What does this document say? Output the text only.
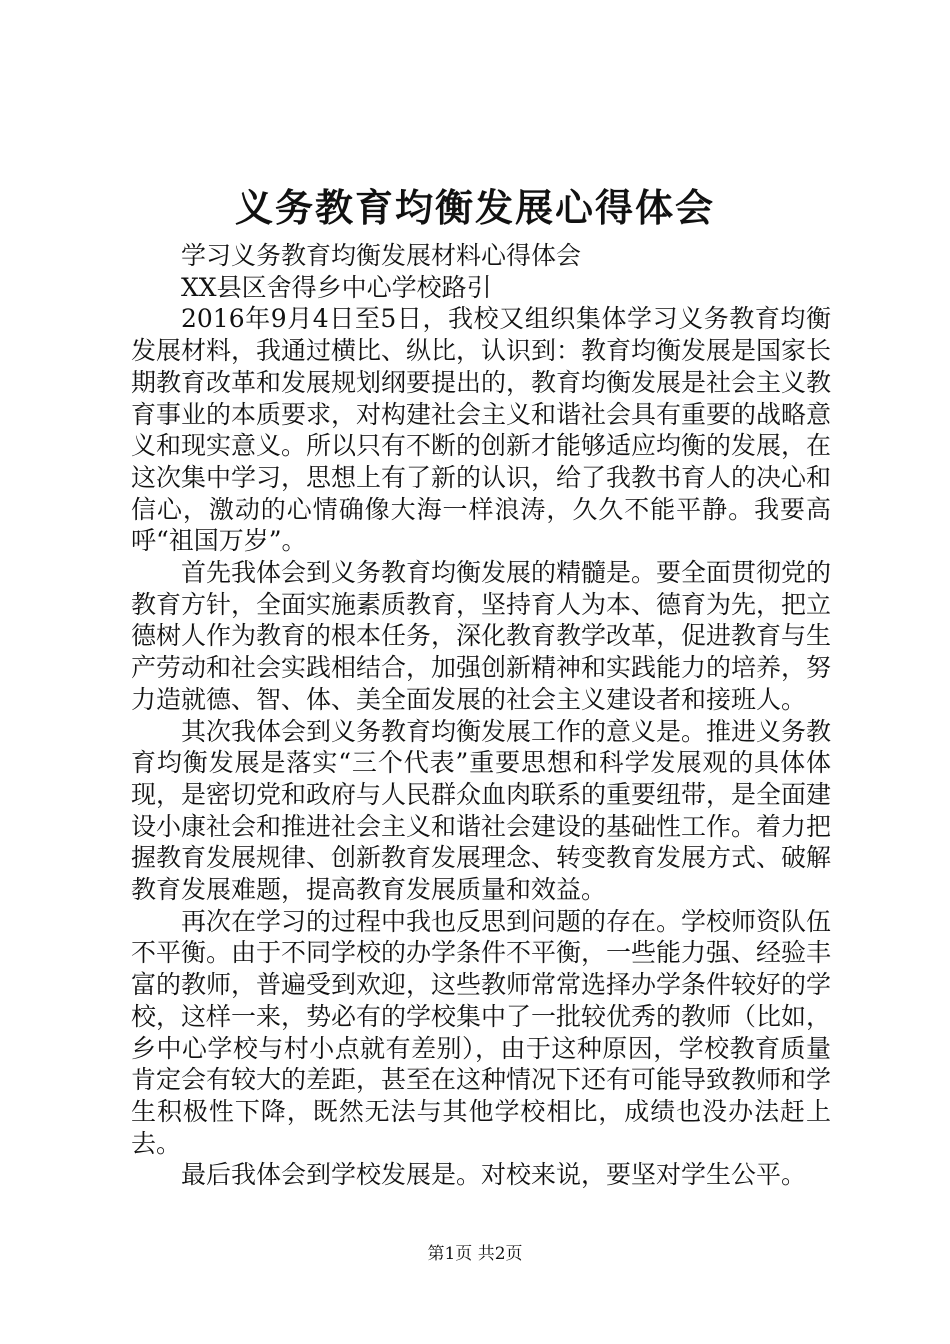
义务教育均衡发展心得体会

学习义务教育均衡发展材料心得体会

XX县区舍得乡中心学校路引

2016年9月4日至5日，我校又组织集体学习义务教育均衡发展材料，我通过横比、纵比，认识到：教育均衡发展是国家长期教育改革和发展规划纲要提出的，教育均衡发展是社会主义教育事业的本质要求，对构建社会主义和谐社会具有重要的战略意义和现实意义。所以只有不断的创新才能够适应均衡的发展，在这次集中学习，思想上有了新的认识，给了我教书育人的决心和信心，激动的心情确像大海一样浪涛，久久不能平静。我要高呼“祖国万岁”。

首先我体会到义务教育均衡发展的精髓是。要全面贯彻党的教育方针，全面实施素质教育，坚持育人为本、德育为先，把立德树人作为教育的根本任务，深化教育教学改革，促进教育与生产劳动和社会实践相结合，加强创新精神和实践能力的培养，努力造就德、智、体、美全面发展的社会主义建设者和接班人。

其次我体会到义务教育均衡发展工作的意义是。推进义务教育均衡发展是落实“三个代表”重要思想和科学发展观的具体体现，是密切党和政府与人民群众血肉联系的重要纽带，是全面建设小康社会和推进社会主义和谐社会建设的基础性工作。着力把握教育发展规律、创新教育发展理念、转变教育发展方式、破解教育发展难题，提高教育发展质量和效益。

再次在学习的过程中我也反思到问题的存在。学校师资队伍不平衡。由于不同学校的办学条件不平衡，一些能力强、经验丰富的教师，普遍受到欢迎，这些教师常常选择办学条件较好的学校，这样一来，势必有的学校集中了一批较优秀的教师（比如，乡中心学校与村小点就有差别），由于这种原因，学校教育质量肯定会有较大的差距，甚至在这种情况下还有可能导致教师和学生积极性下降，既然无法与其他学校相比，成绩也没办法赶上去。

最后我体会到学校发展是。对校来说，要坚对学生公平。

第1页 共2页
